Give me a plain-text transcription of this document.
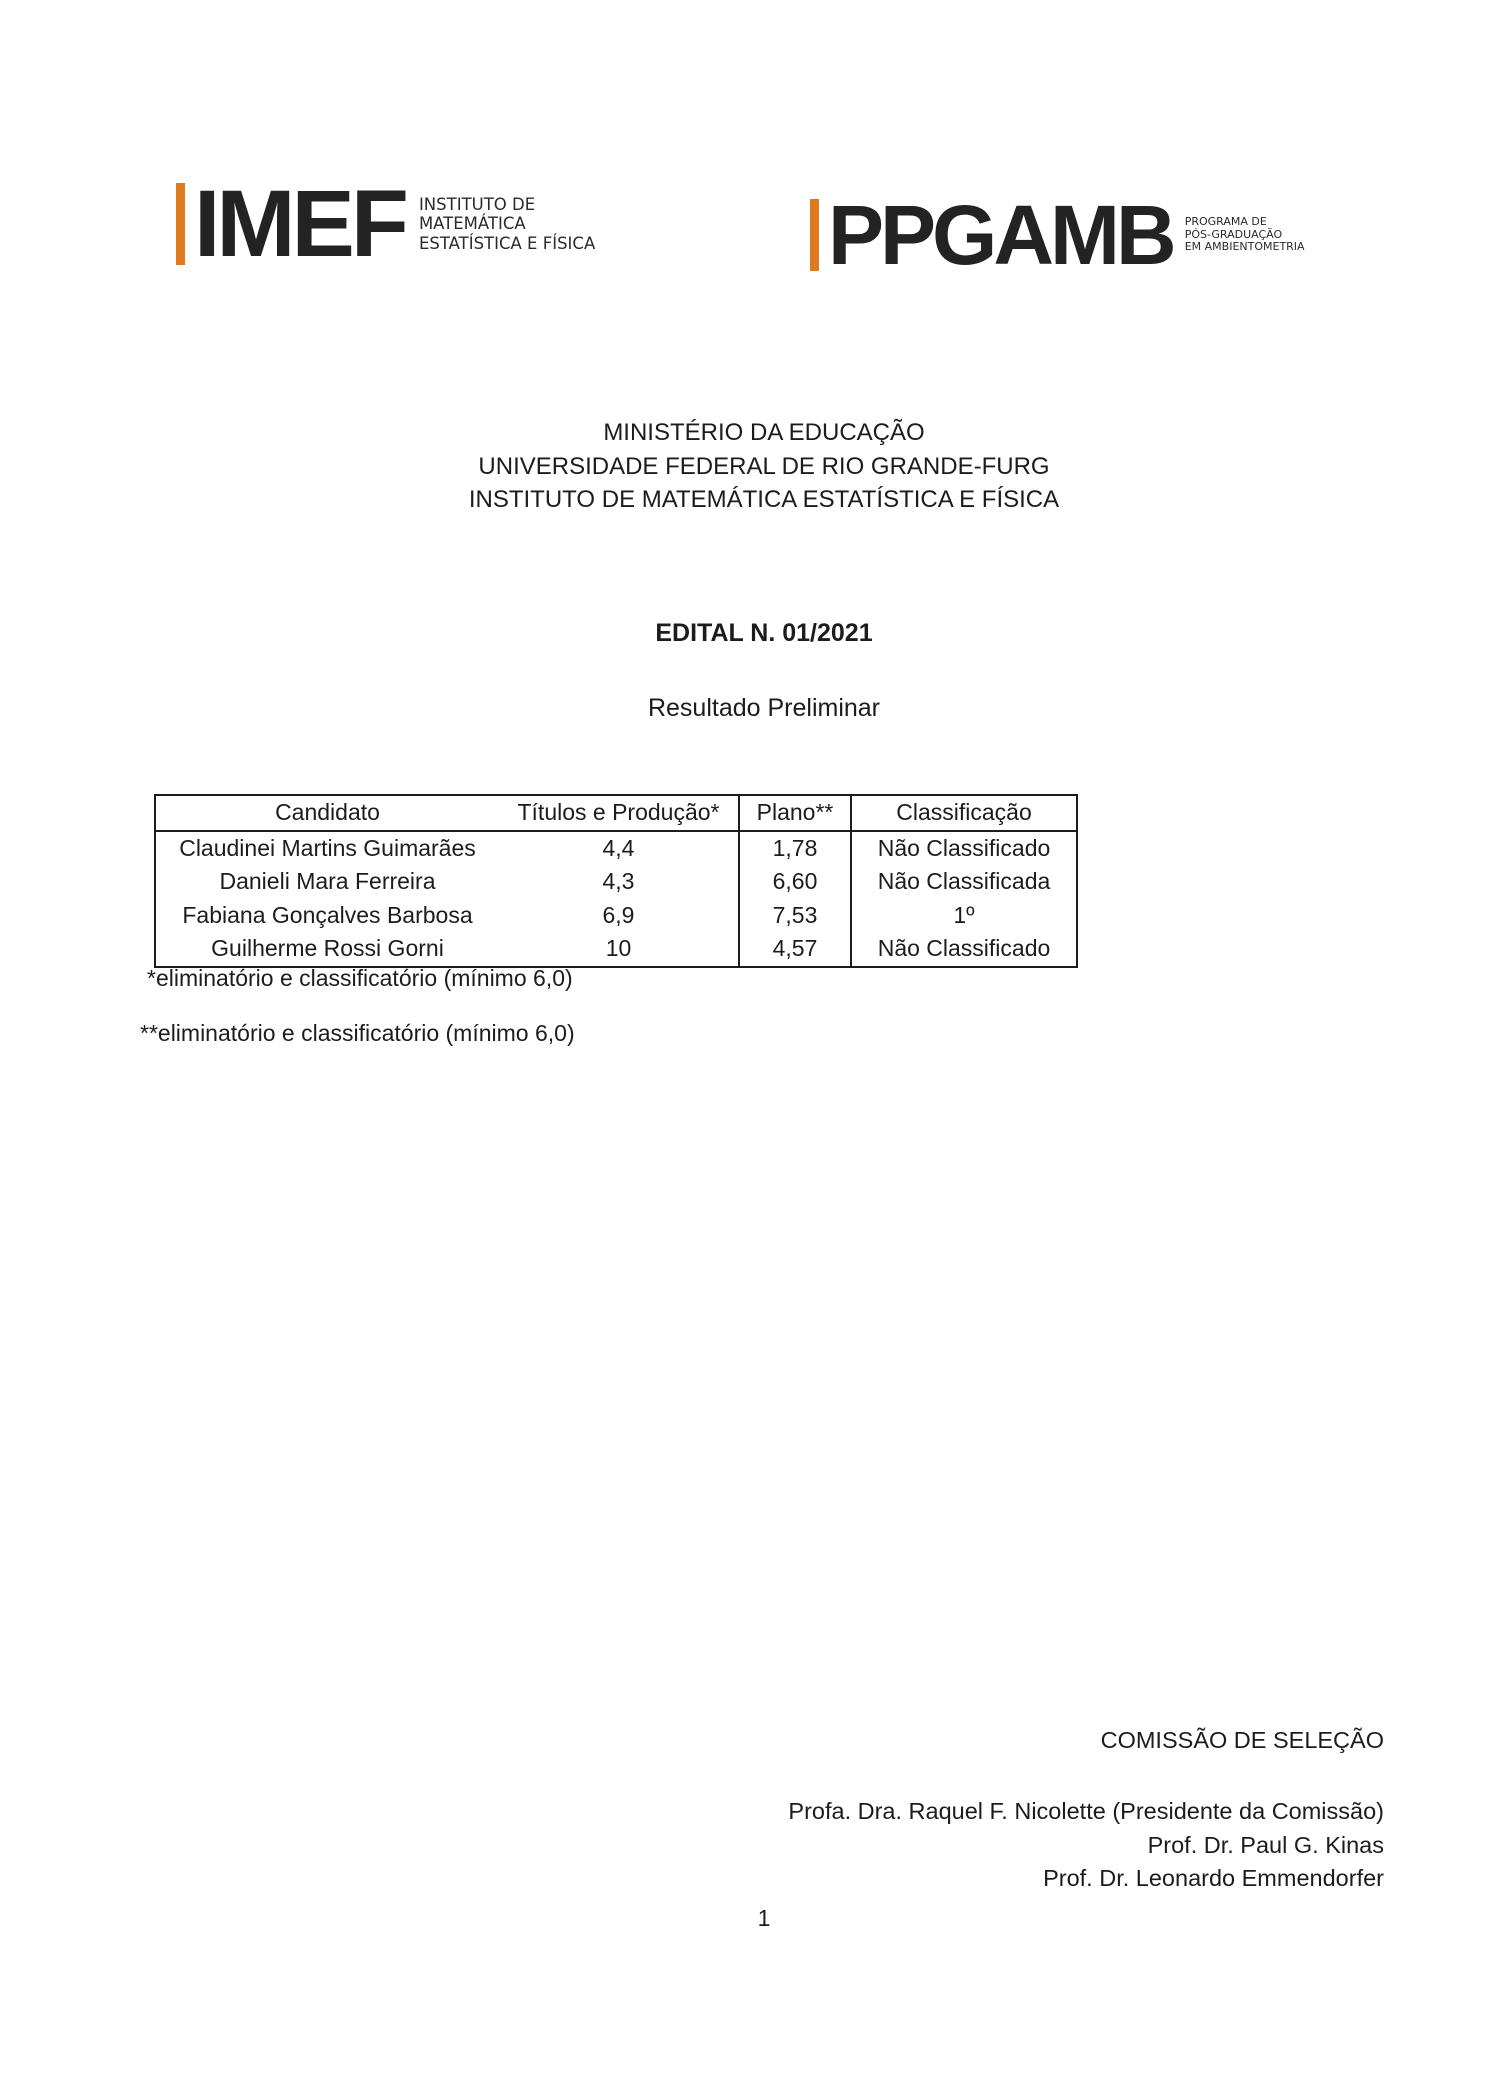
IMEF INSTITUTO DE
MATEMÁTICA
ESTATÍSTICA E FÍSICA	PPGAMB PROGRAMA DE
PÓS-GRADUAÇÃO
EM AMBIENTOMETRIA
MINISTÉRIO DA EDUCAÇÃO
UNIVERSIDADE FEDERAL DE RIO GRANDE-FURG
INSTITUTO DE MATEMÁTICA ESTATÍSTICA E FÍSICA
EDITAL N. 01/2021
Resultado Preliminar
Candidato	Títulos e Produção*	Plano**	Classificação
Claudinei Martins Guimarães	4,4	1,78	Não Classificado
Danieli Mara Ferreira	4,3	6,60	Não Classificada
Fabiana Gonçalves Barbosa	6,9	7,53	1º
Guilherme Rossi Gorni	10	4,57	Não Classificado
*eliminatório e classificatório (mínimo 6,0)
**eliminatório e classificatório (mínimo 6,0)
COMISSÃO DE SELEÇÃO
Profa. Dra. Raquel F. Nicolette (Presidente da Comissão)
Prof. Dr. Paul G. Kinas
Prof. Dr. Leonardo Emmendorfer
1
